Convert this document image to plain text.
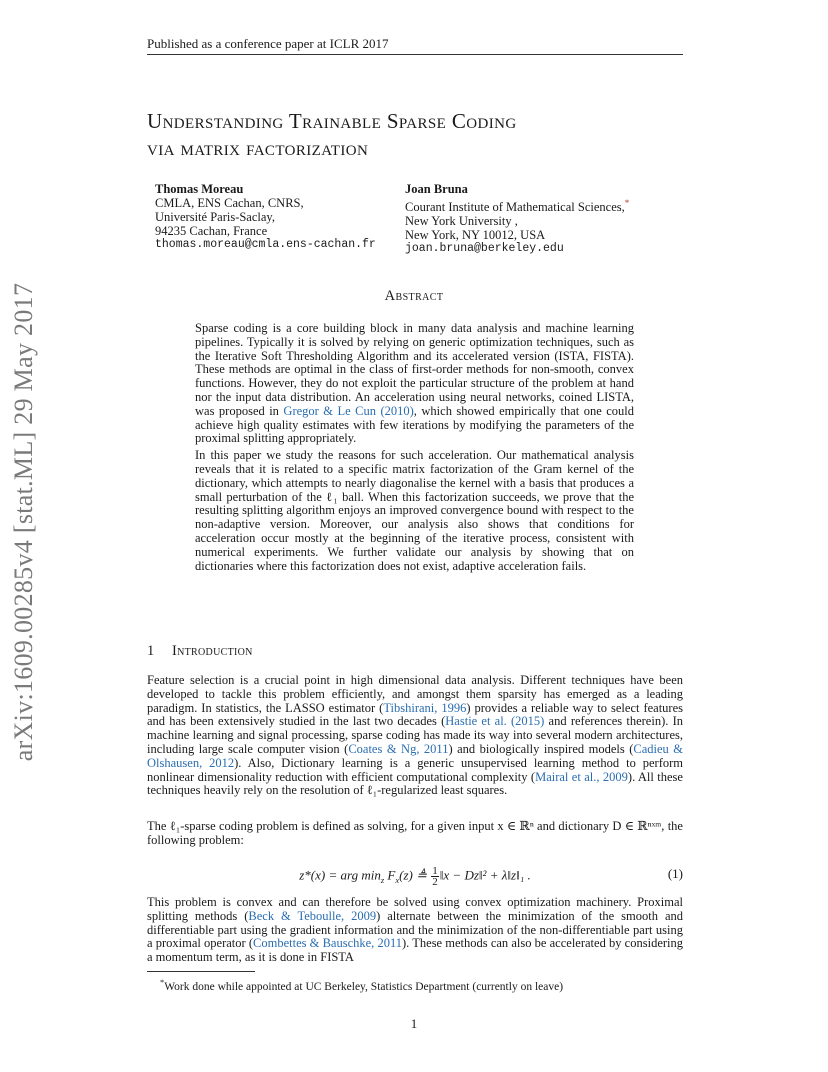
Published as a conference paper at ICLR 2017
arXiv:1609.00285v4 [stat.ML] 29 May 2017
Understanding Trainable Sparse Coding
via matrix factorization
Thomas Moreau
CMLA, ENS Cachan, CNRS,
Université Paris-Saclay,
94235 Cachan, France
thomas.moreau@cmla.ens-cachan.fr
Joan Bruna
Courant Institute of Mathematical Sciences,*
New York University ,
New York, NY 10012, USA
joan.bruna@berkeley.edu
Abstract

Sparse coding is a core building block in many data analysis and machine learning pipelines. Typically it is solved by relying on generic optimization techniques, such as the Iterative Soft Thresholding Algorithm and its accelerated version (ISTA, FISTA). These methods are optimal in the class of first-order methods for non-smooth, convex functions. However, they do not exploit the particular structure of the problem at hand nor the input data distribution. An acceleration using neural networks, coined LISTA, was proposed in Gregor & Le Cun (2010), which showed empirically that one could achieve high quality estimates with few iterations by modifying the parameters of the proximal splitting appropriately.

In this paper we study the reasons for such acceleration. Our mathematical analysis reveals that it is related to a specific matrix factorization of the Gram kernel of the dictionary, which attempts to nearly diagonalise the kernel with a basis that produces a small perturbation of the ℓ₁ ball. When this factorization succeeds, we prove that the resulting splitting algorithm enjoys an improved convergence bound with respect to the non-adaptive version. Moreover, our analysis also shows that conditions for acceleration occur mostly at the beginning of the iterative process, consistent with numerical experiments. We further validate our analysis by showing that on dictionaries where this factorization does not exist, adaptive acceleration fails.

1 Introduction

Feature selection is a crucial point in high dimensional data analysis. Different techniques have been developed to tackle this problem efficiently, and amongst them sparsity has emerged as a leading paradigm. In statistics, the LASSO estimator (Tibshirani, 1996) provides a reliable way to select features and has been extensively studied in the last two decades (Hastie et al. (2015) and references therein). In machine learning and signal processing, sparse coding has made its way into several modern architectures, including large scale computer vision (Coates & Ng, 2011) and biologically inspired models (Cadieu & Olshausen, 2012). Also, Dictionary learning is a generic unsupervised learning method to perform nonlinear dimensionality reduction with efficient computational complexity (Mairal et al., 2009). All these techniques heavily rely on the resolution of ℓ₁-regularized least squares.

The ℓ₁-sparse coding problem is defined as solving, for a given input x ∈ ℝⁿ and dictionary D ∈ ℝⁿˣᵐ, the following problem:

z*(x) = arg $\min_z F_x(z)$ ≜ $\frac{1}{2}$ ‖x − Dz‖² + λ‖z‖₁ .	(1)

This problem is convex and can therefore be solved using convex optimization machinery. Proximal splitting methods (Beck & Teboulle, 2009) alternate between the minimization of the smooth and differentiable part using the gradient information and the minimization of the non-differentiable part using a proximal operator (Combettes & Bauschke, 2011). These methods can also be accelerated by considering a momentum term, as it is done in FISTA

*Work done while appointed at UC Berkeley, Statistics Department (currently on leave)
1
